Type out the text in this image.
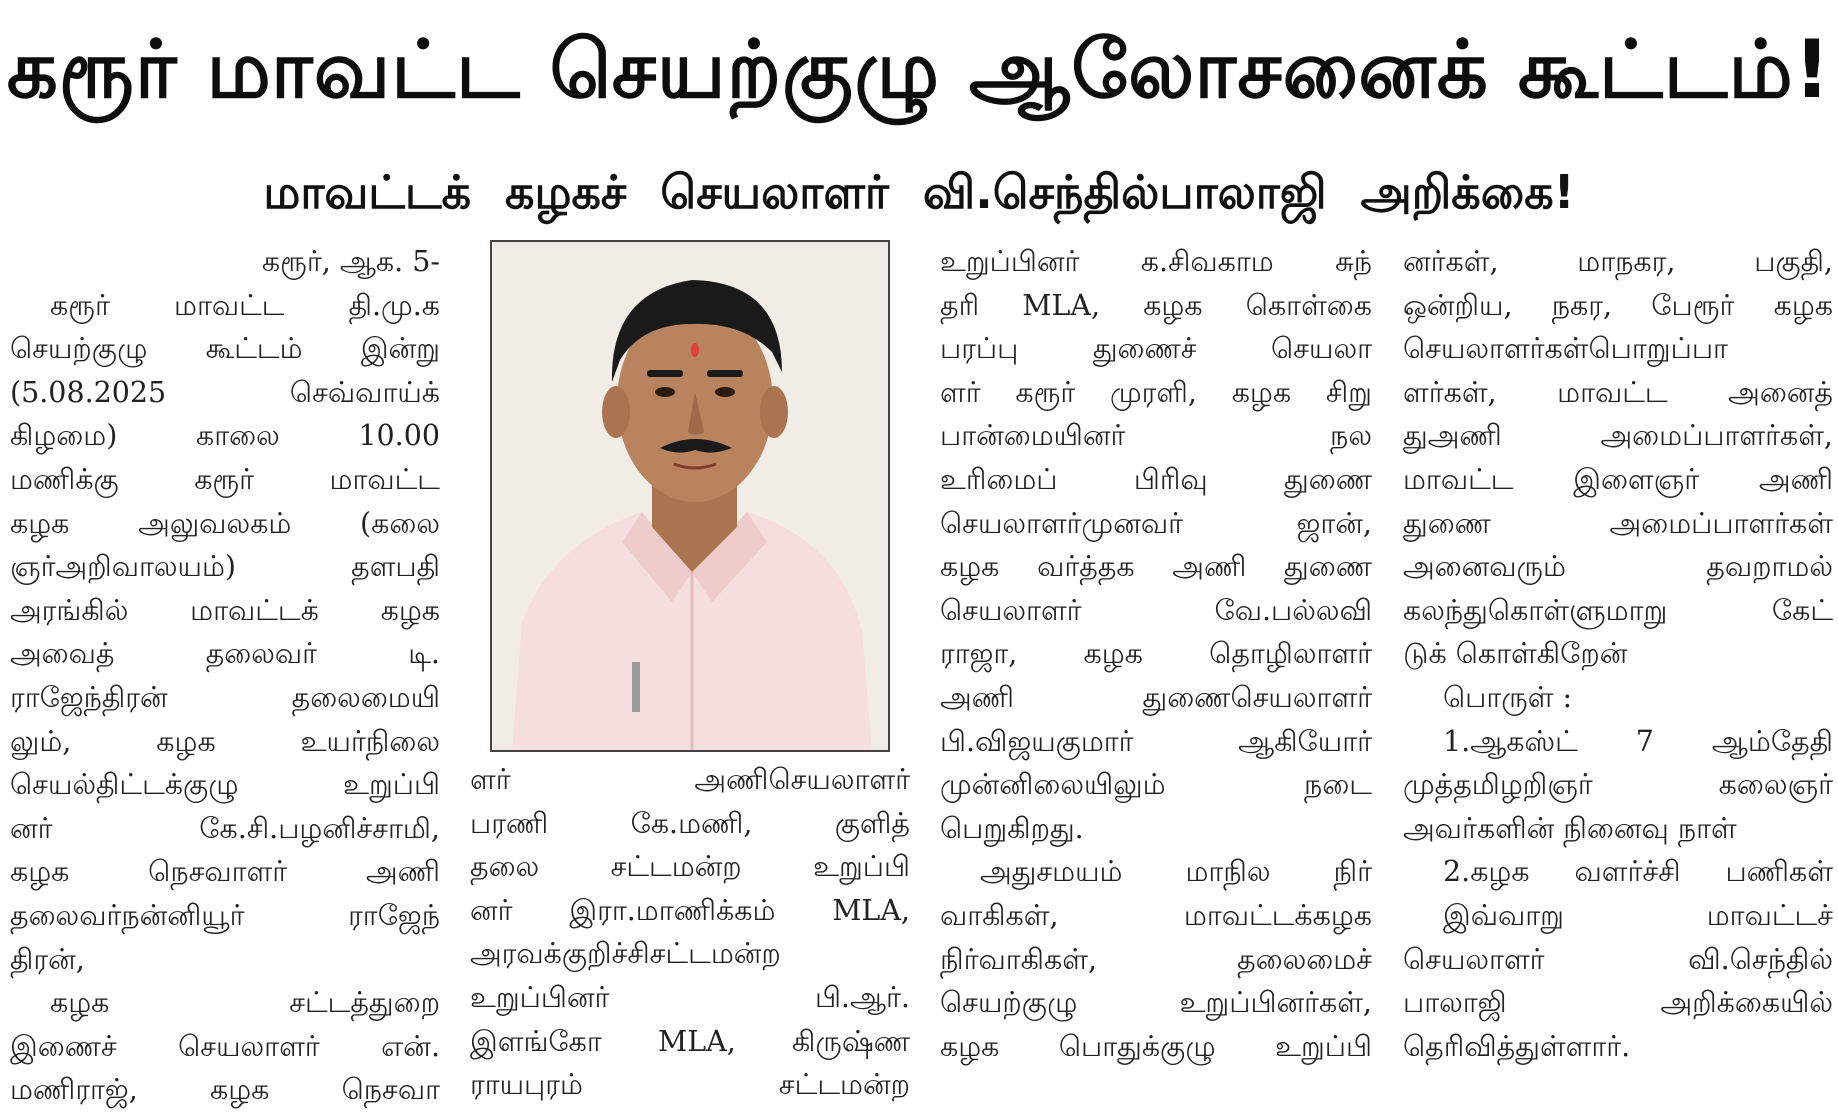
கரூர் மாவட்ட செயற்குழு ஆலோசனைக் கூட்டம்!
மாவட்டக் கழகச் செயலாளர் வி.செந்தில்பாலாஜி அறிக்கை!
கரூர், ஆக. 5-
கரூர் மாவட்ட தி.மு.க
செயற்குழு கூட்டம் இன்று
(5.08.2025 செவ்வாய்க்
கிழமை) காலை 10.00
மணிக்கு கரூர் மாவட்ட
கழக அலுவலகம் (கலை
ஞர்அறிவாலயம்) தளபதி
அரங்கில் மாவட்டக் கழக
அவைத் தலைவர் டி.
ராஜேந்திரன் தலைமையி
லும், கழக உயர்நிலை
செயல்திட்டக்குழு உறுப்பி
னர் கே.சி.பழனிச்சாமி,
கழக நெசவாளர் அணி
தலைவர்நன்னியூர் ராஜேந்
திரன்,
கழக சட்டத்துறை
இணைச் செயலாளர் என்.
மணிராஜ், கழக நெசவா
ளர் அணிசெயலாளர்
பரணி கே.மணி, குளித்
தலை சட்டமன்ற உறுப்பி
னர் இரா.மாணிக்கம் MLA,
அரவக்குறிச்சிசட்டமன்ற
உறுப்பினர் பி.ஆர்.
இளங்கோ MLA, கிருஷ்ண
ராயபுரம் சட்டமன்ற
உறுப்பினர் க.சிவகாம சுந்
தரி MLA, கழக கொள்கை
பரப்பு துணைச் செயலா
ளர் கரூர் முரளி, கழக சிறு
பான்மையினர் நல
உரிமைப் பிரிவு துணை
செயலாளர்முனவர் ஜான்,
கழக வர்த்தக அணி துணை
செயலாளர் வே.பல்லவி
ராஜா, கழக தொழிலாளர்
அணி துணைசெயலாளர்
பி.விஜயகுமார் ஆகியோர்
முன்னிலையிலும் நடை
பெறுகிறது.
அதுசமயம் மாநில நிர்
வாகிகள், மாவட்டக்கழக
நிர்வாகிகள், தலைமைச்
செயற்குழு உறுப்பினர்கள்,
கழக பொதுக்குழு உறுப்பி
னர்கள், மாநகர, பகுதி,
ஒன்றிய, நகர, பேரூர் கழக
செயலாளர்கள்பொறுப்பா
ளர்கள், மாவட்ட அனைத்
துஅணி அமைப்பாளர்கள்,
மாவட்ட இளைஞர் அணி
துணை அமைப்பாளர்கள்
அனைவரும் தவறாமல்
கலந்துகொள்ளுமாறு கேட்
டுக் கொள்கிறேன்
பொருள் :
1.ஆகஸ்ட் 7 ஆம்தேதி
முத்தமிழறிஞர் கலைஞர்
அவர்களின் நினைவு நாள்
2.கழக வளர்ச்சி பணிகள்
இவ்வாறு மாவட்டச்
செயலாளர் வி.செந்தில்
பாலாஜி அறிக்கையில்
தெரிவித்துள்ளார்.
